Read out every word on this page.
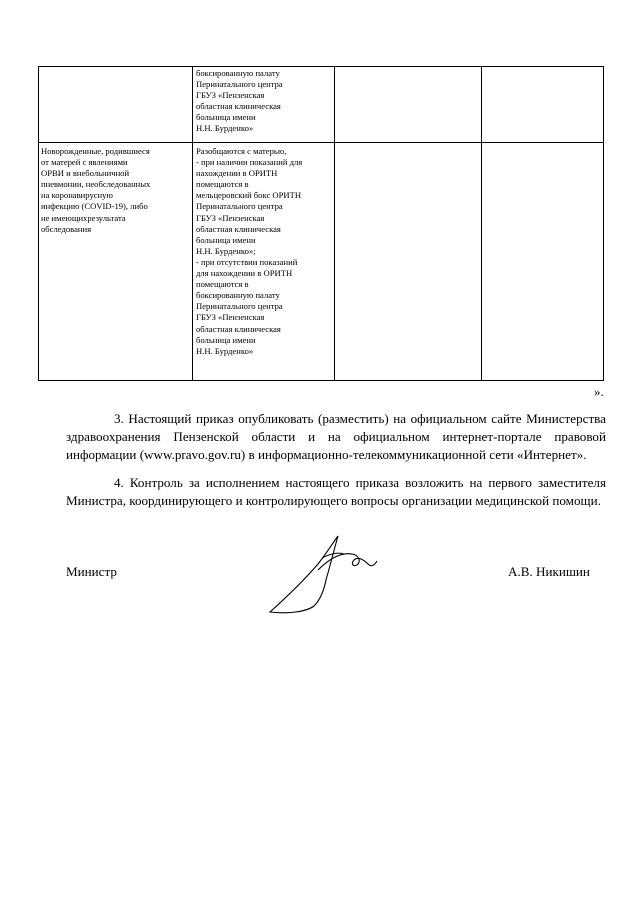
боксированную палату
Перинатального центра
ГБУЗ «Пензенская
областная клиническая
больница имени
Н.Н. Бурденко»
Новорожденные, родившиеся
от матерей с явлениями
ОРВИ и внебольничной
пневмонии, необследованных
на коронавирусную
инфекцию (COVID-19), либо
не имеющихрезультата
обследования
Разобщаются с матерью,
- при наличии показаний для
нахождении в ОРИТН
помещаются в
мельцеровский бокс ОРИТН
Перинатального центра
ГБУЗ «Пензенская
областная клиническая
больница имени
Н.Н. Бурденко»;
- при отсутствии показаний
для нахождении в ОРИТН
помещаются в
боксированную палату
Перинатального центра
ГБУЗ «Пензенская
областная клиническая
больница имени
Н.Н. Бурденко»
».

3. Настоящий приказ опубликовать (разместить) на официальном сайте Министерства здравоохранения Пензенской области и на официальном интернет-портале правовой информации (www.pravo.gov.ru) в информационно-телекоммуникационной сети «Интернет».

4. Контроль за исполнением настоящего приказа возложить на первого заместителя Министра, координирующего и контролирующего вопросы организации медицинской помощи.

Министр	А.В. Никишин
